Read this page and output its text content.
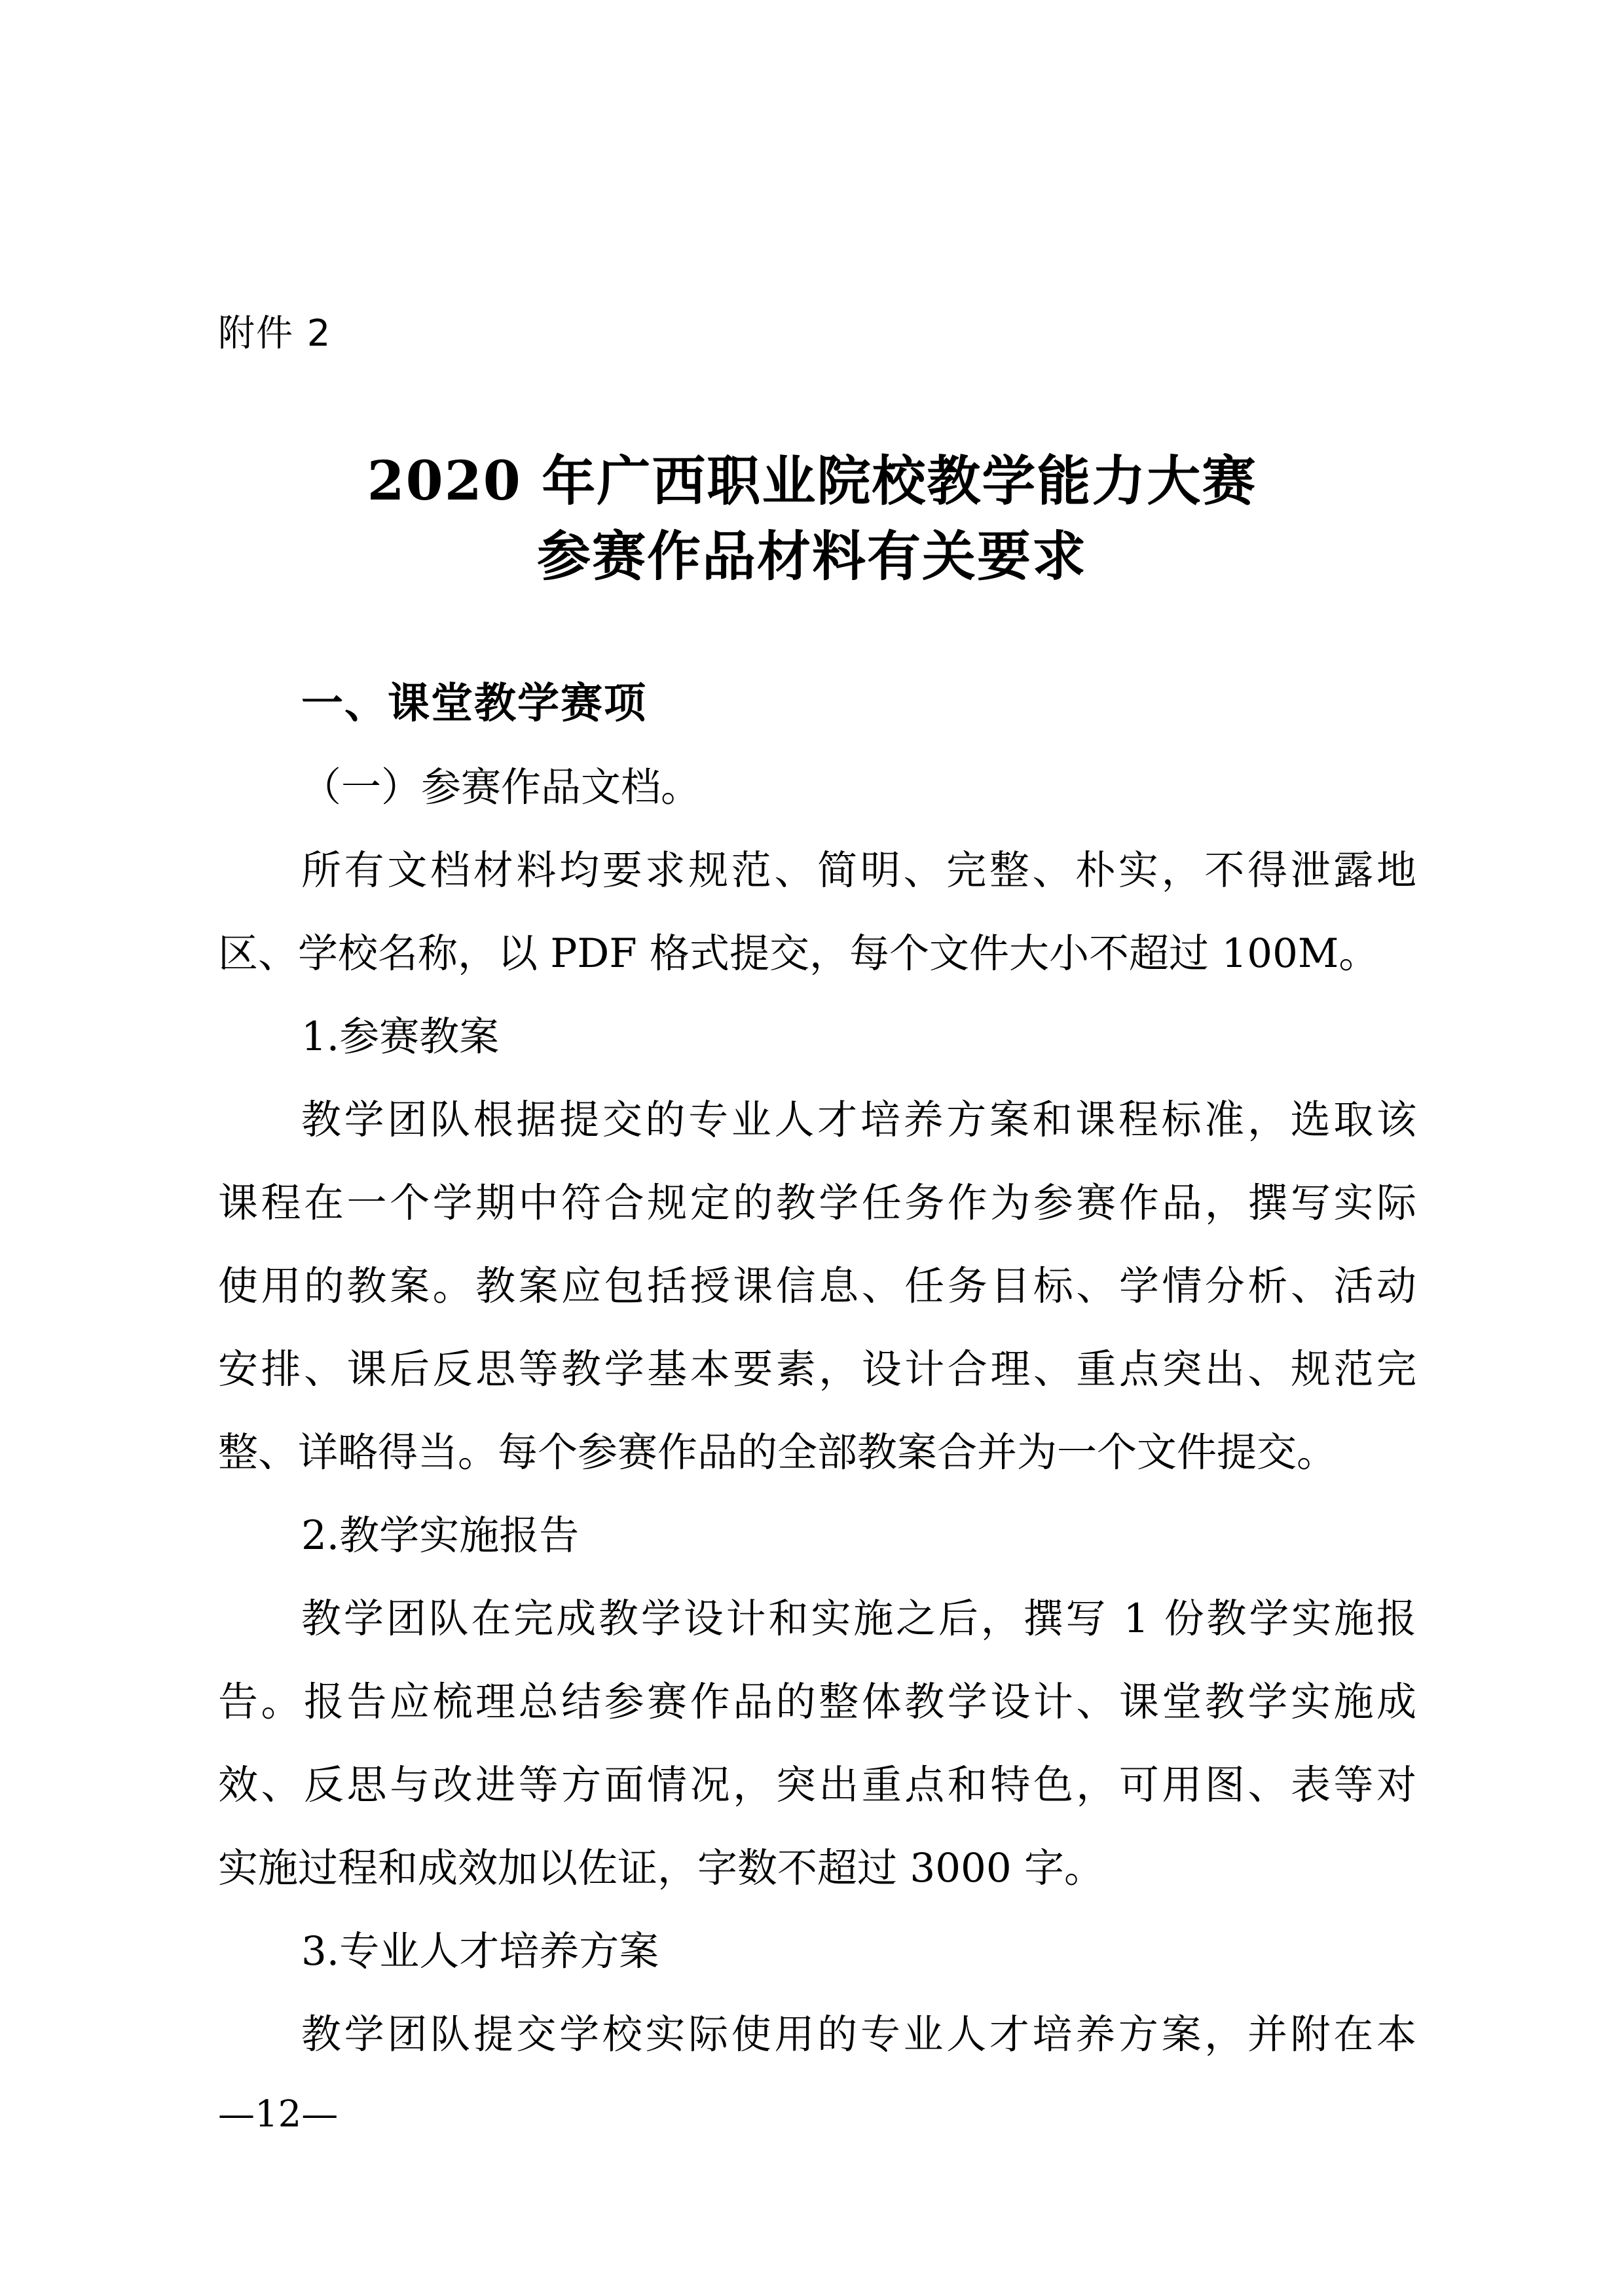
附件 2
2020 年广西职业院校教学能力大赛
参赛作品材料有关要求
一、课堂教学赛项
（一）参赛作品文档。
所有文档材料均要求规范、简明、完整、朴实，不得泄露地
区、学校名称，以 PDF 格式提交，每个文件大小不超过 100M。
1.参赛教案
教学团队根据提交的专业人才培养方案和课程标准，选取该
课程在一个学期中符合规定的教学任务作为参赛作品，撰写实际
使用的教案。教案应包括授课信息、任务目标、学情分析、活动
安排、课后反思等教学基本要素，设计合理、重点突出、规范完
整、详略得当。每个参赛作品的全部教案合并为一个文件提交。
2.教学实施报告
教学团队在完成教学设计和实施之后，撰写 1 份教学实施报
告。报告应梳理总结参赛作品的整体教学设计、课堂教学实施成
效、反思与改进等方面情况，突出重点和特色，可用图、表等对
实施过程和成效加以佐证，字数不超过 3000 字。
3.专业人才培养方案
教学团队提交学校实际使用的专业人才培养方案，并附在本
—12—
